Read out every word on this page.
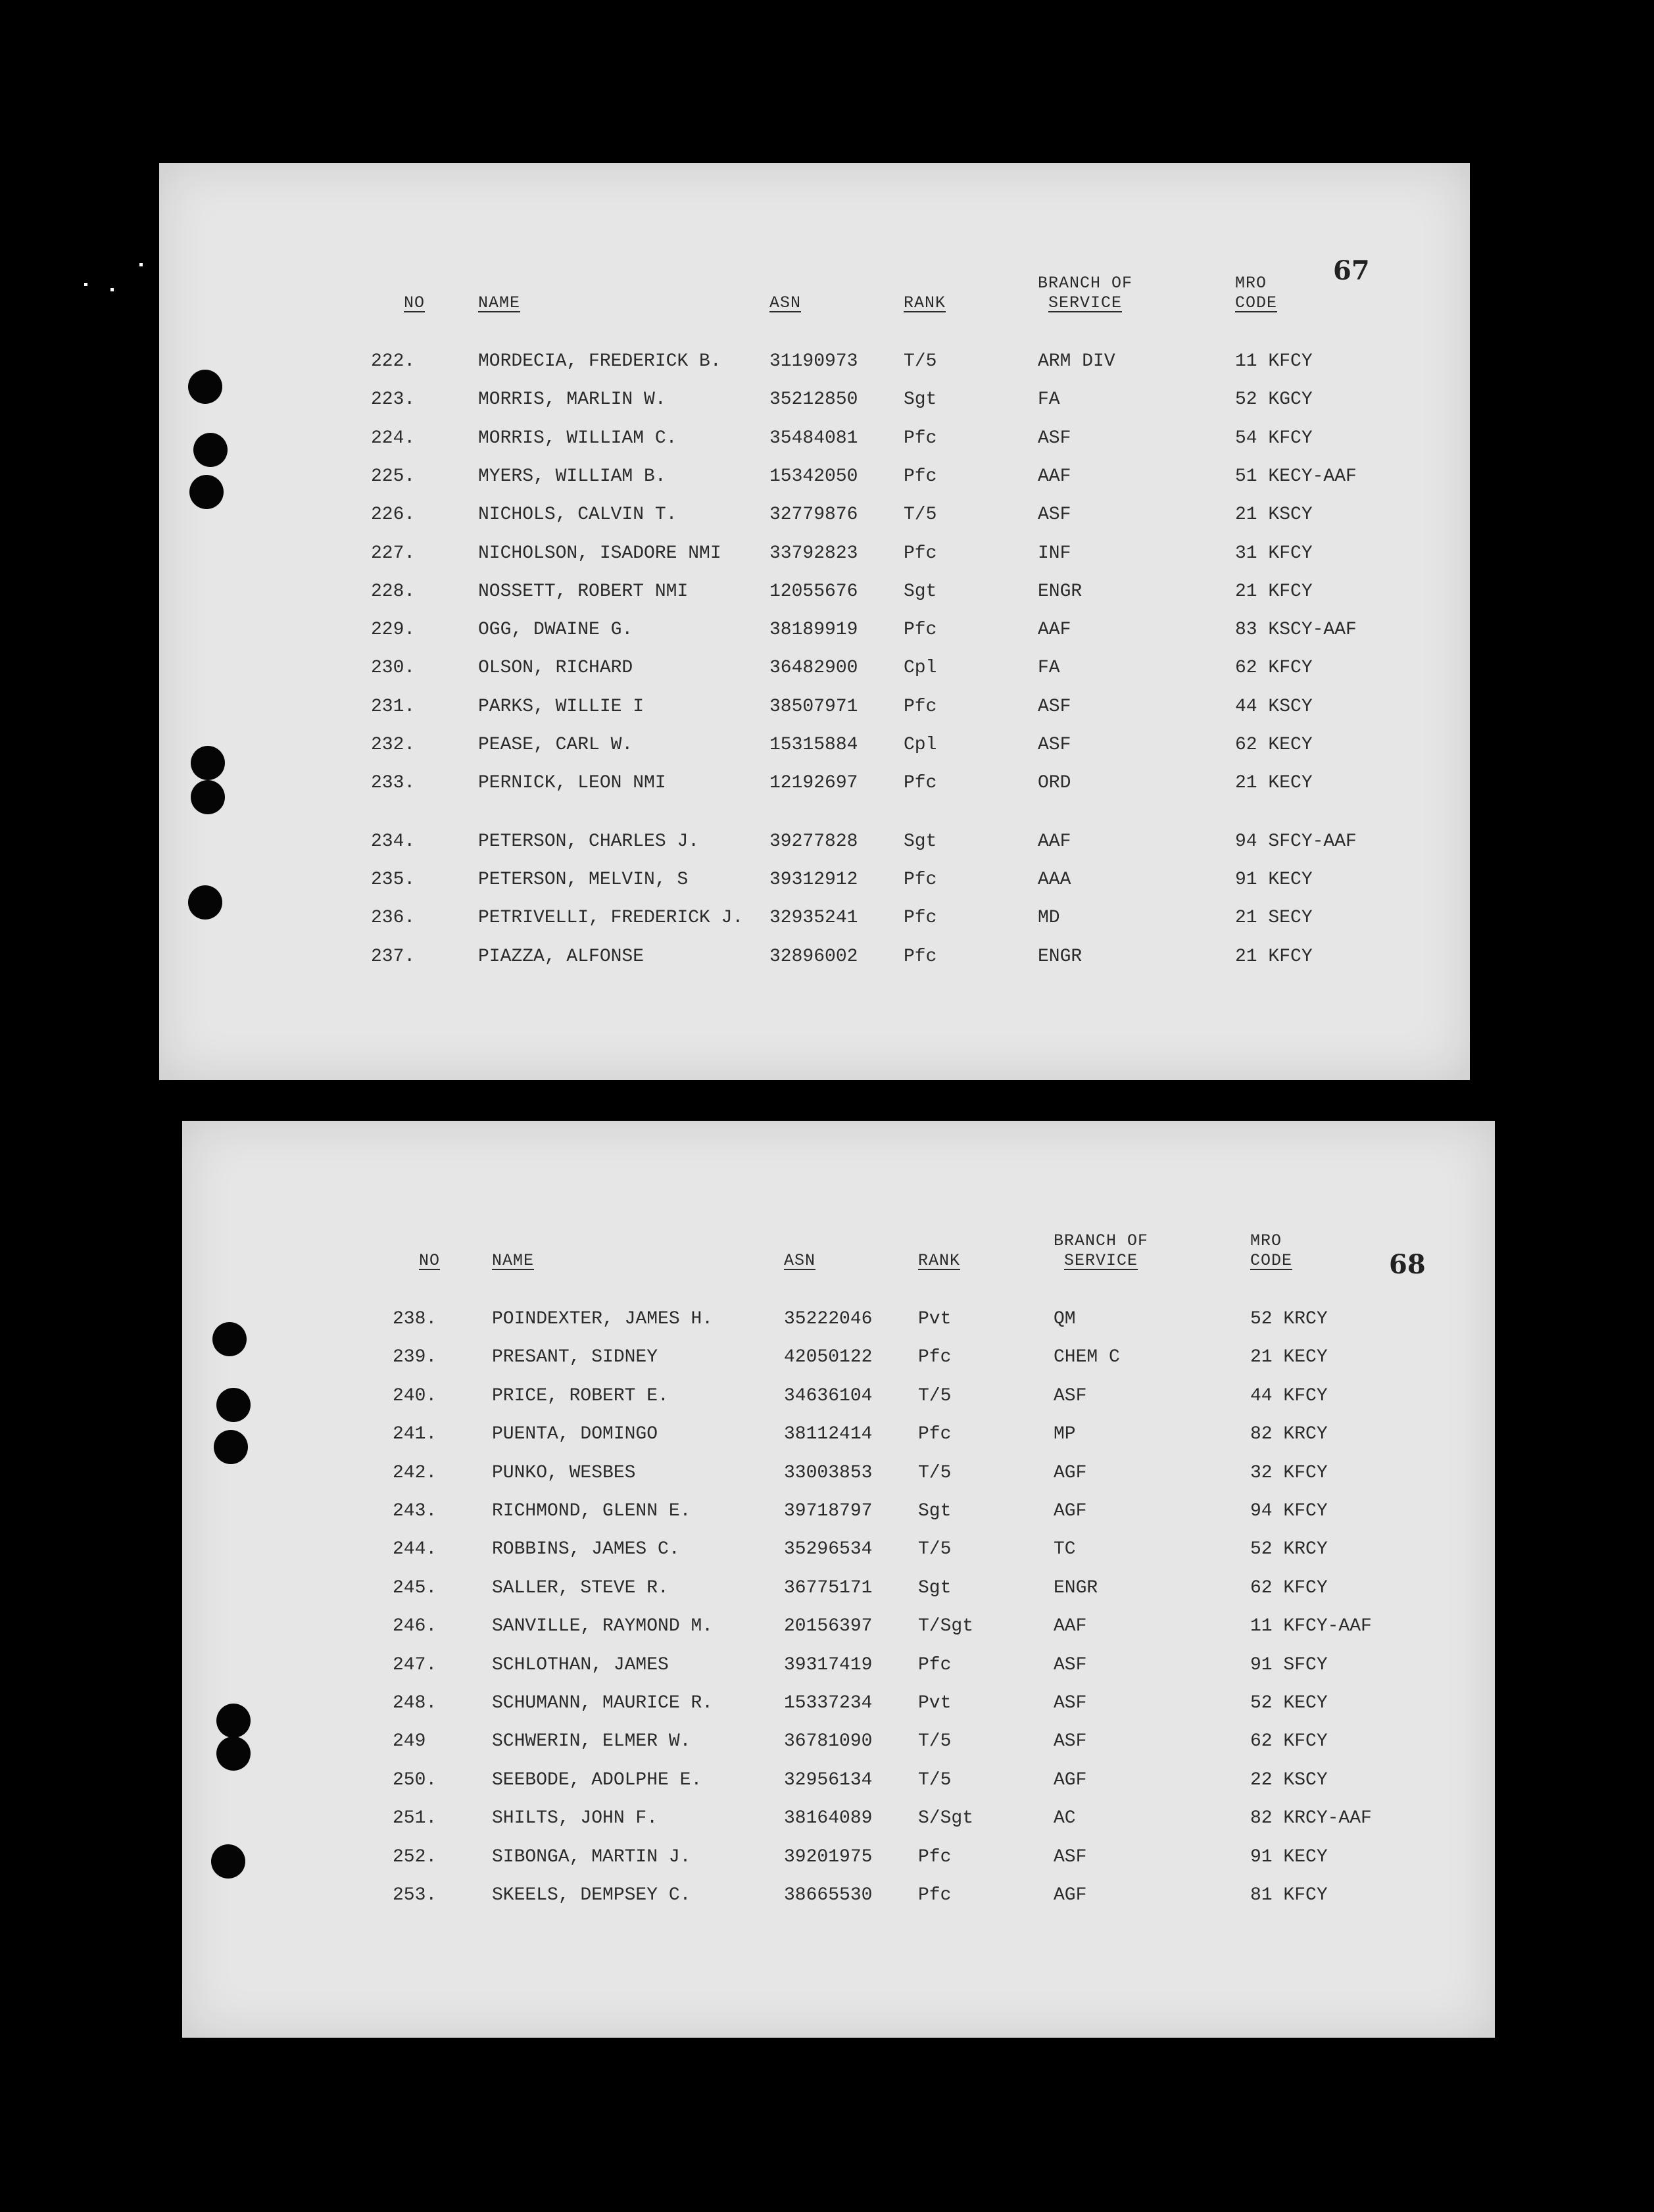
67
NO	NAME	ASN	RANK
BRANCH OF
SERVICE
MRO
CODE
222.	MORDECIA, FREDERICK B.	31190973 T/5	ARM DIV	11 KFCY
223.	MORRIS, MARLIN W.	35212850 Sgt	FA	52 KGCY
224.	MORRIS, WILLIAM C.	35484081 Pfc	ASF	54 KFCY
225.	MYERS, WILLIAM B.	15342050 Pfc	AAF	51 KECY-AAF
226.	NICHOLS, CALVIN T.	32779876 T/5	ASF	21 KSCY
227.	NICHOLSON, ISADORE NMI	33792823 Pfc	INF	31 KFCY
228.	NOSSETT, ROBERT NMI	12055676 Sgt	ENGR	21 KFCY
229.	OGG, DWAINE G.	38189919 Pfc	AAF	83 KSCY-AAF
230.	OLSON, RICHARD	36482900 Cpl	FA	62 KFCY
231.	PARKS, WILLIE I	38507971 Pfc	ASF	44 KSCY
232.	PEASE, CARL W.	15315884 Cpl	ASF	62 KECY
233.	PERNICK, LEON NMI	12192697 Pfc	ORD	21 KECY
234.	PETERSON, CHARLES J.	39277828 Sgt	AAF	94 SFCY-AAF
235.	PETERSON, MELVIN, S	39312912 Pfc	AAA	91 KECY
236.	PETRIVELLI, FREDERICK J. 32935241 Pfc	MD	21 SECY
237.	PIAZZA, ALFONSE	32896002 Pfc	ENGR	21 KFCY
68
NO	NAME	ASN	RANK
BRANCH OF
SERVICE
MRO
CODE
238.	POINDEXTER, JAMES H.	35222046 Pvt	QM	52 KRCY
239.	PRESANT, SIDNEY	42050122 Pfc	CHEM C	21 KECY
240.	PRICE, ROBERT E.	34636104 T/5	ASF	44 KFCY
241.	PUENTA, DOMINGO	38112414 Pfc	MP	82 KRCY
242.	PUNKO, WESBES	33003853 T/5	AGF	32 KFCY
243.	RICHMOND, GLENN E.	39718797 Sgt	AGF	94 KFCY
244.	ROBBINS, JAMES C.	35296534 T/5	TC	52 KRCY
245.	SALLER, STEVE R.	36775171 Sgt	ENGR	62 KFCY
246.	SANVILLE, RAYMOND M.	20156397 T/Sgt	AAF	11 KFCY-AAF
247.	SCHLOTHAN, JAMES	39317419 Pfc	ASF	91 SFCY
248.	SCHUMANN, MAURICE R.	15337234 Pvt	ASF	52 KECY
249	SCHWERIN, ELMER W.	36781090 T/5	ASF	62 KFCY
250.	SEEBODE, ADOLPHE E.	32956134 T/5	AGF	22 KSCY
251.	SHILTS, JOHN F.	38164089 S/Sgt	AC	82 KRCY-AAF
252.	SIBONGA, MARTIN J.	39201975 Pfc	ASF	91 KECY
253.	SKEELS, DEMPSEY C.	38665530 Pfc	AGF	81 KFCY
